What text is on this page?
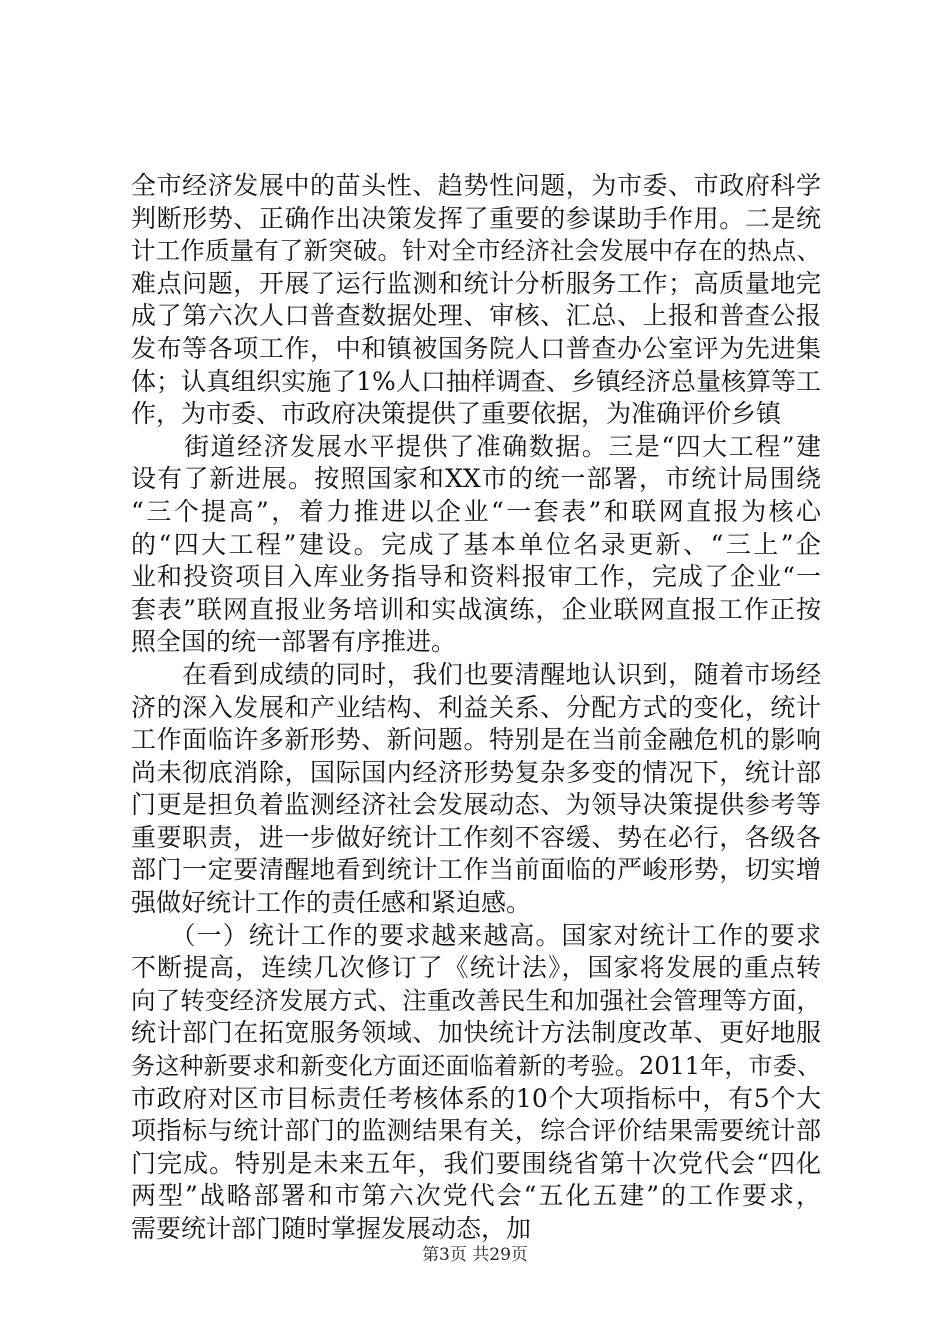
全市经济发展中的苗头性、趋势性问题，为市委、市政府科学
判断形势、正确作出决策发挥了重要的参谋助手作用。二是统
计工作质量有了新突破。针对全市经济社会发展中存在的热点、
难点问题，开展了运行监测和统计分析服务工作；高质量地完
成了第六次人口普查数据处理、审核、汇总、上报和普查公报
发布等各项工作，中和镇被国务院人口普查办公室评为先进集
体；认真组织实施了1%人口抽样调查、乡镇经济总量核算等工
作，为市委、市政府决策提供了重要依据，为准确评价乡镇
　　街道经济发展水平提供了准确数据。三是“四大工程”建
设有了新进展。按照国家和XX市的统一部署，市统计局围绕
“三个提高”，着力推进以企业“一套表”和联网直报为核心
的“四大工程”建设。完成了基本单位名录更新、“三上”企
业和投资项目入库业务指导和资料报审工作，完成了企业“一
套表”联网直报业务培训和实战演练，企业联网直报工作正按
照全国的统一部署有序推进。
　　在看到成绩的同时，我们也要清醒地认识到，随着市场经
济的深入发展和产业结构、利益关系、分配方式的变化，统计
工作面临许多新形势、新问题。特别是在当前金融危机的影响
尚未彻底消除，国际国内经济形势复杂多变的情况下，统计部
门更是担负着监测经济社会发展动态、为领导决策提供参考等
重要职责，进一步做好统计工作刻不容缓、势在必行，各级各
部门一定要清醒地看到统计工作当前面临的严峻形势，切实增
强做好统计工作的责任感和紧迫感。
　　（一）统计工作的要求越来越高。国家对统计工作的要求
不断提高，连续几次修订了《统计法》，国家将发展的重点转
向了转变经济发展方式、注重改善民生和加强社会管理等方面，
统计部门在拓宽服务领域、加快统计方法制度改革、更好地服
务这种新要求和新变化方面还面临着新的考验。2011年，市委、
市政府对区市目标责任考核体系的10个大项指标中，有5个大
项指标与统计部门的监测结果有关，综合评价结果需要统计部
门完成。特别是未来五年，我们要围绕省第十次党代会“四化
两型”战略部署和市第六次党代会“五化五建”的工作要求，
需要统计部门随时掌握发展动态，加
第3页 共29页
